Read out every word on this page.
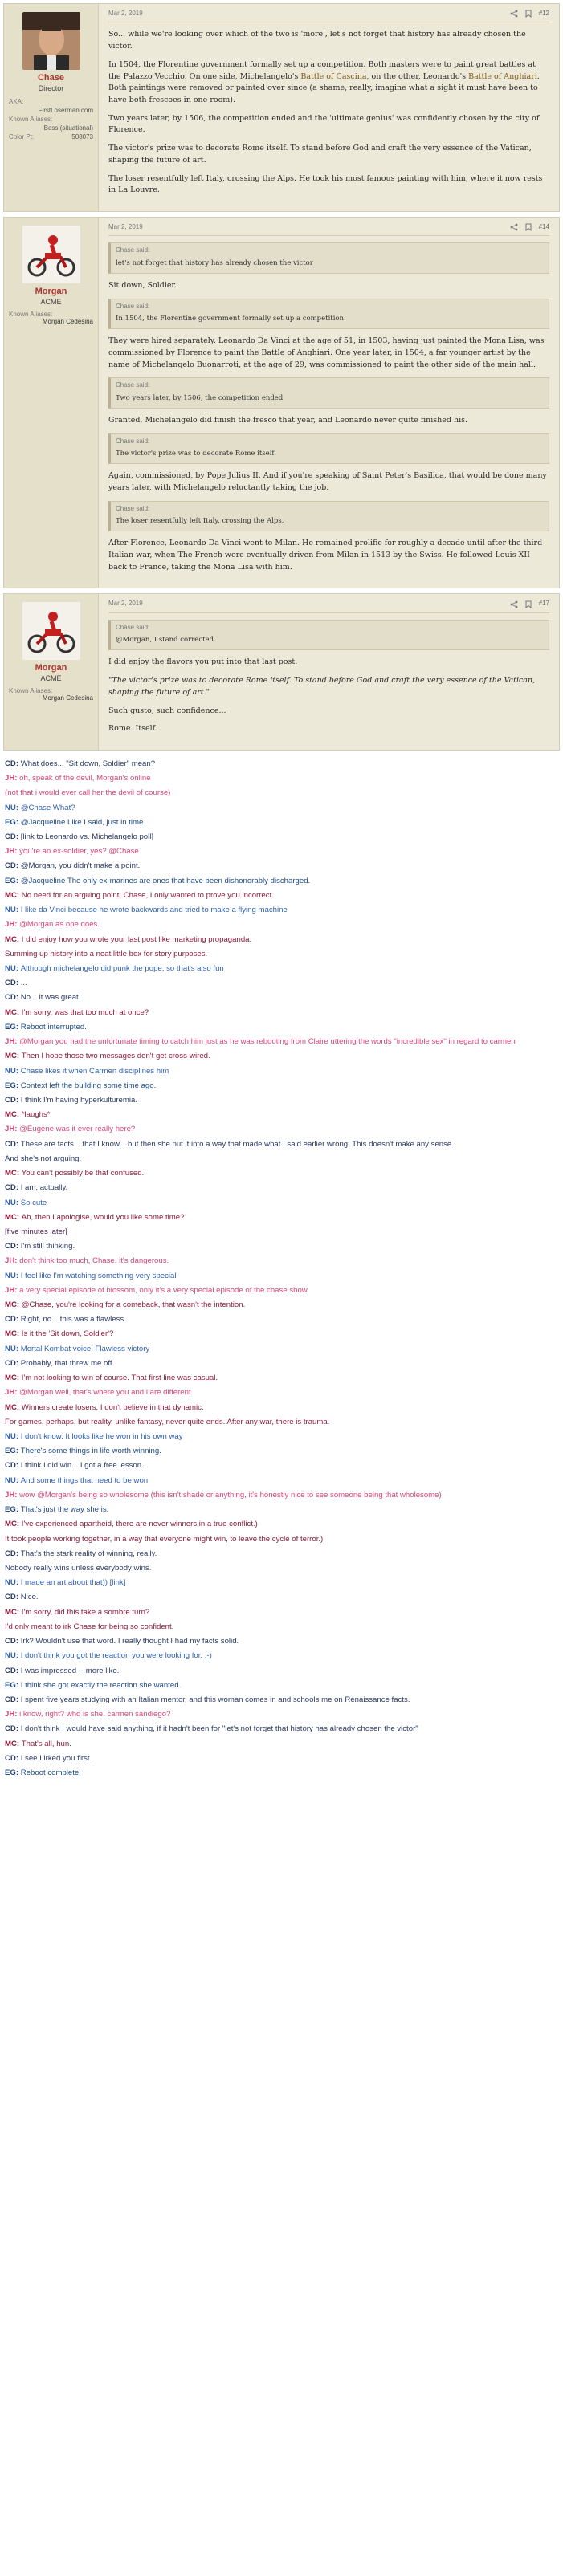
Chase
Director
AKA:
FirstLoserman.com
Known Aliases:
Boss (situational)
Color Pt:	508073
Mar 2, 2019	#12

So... while we're looking over which of the two is 'more', let's not forget that history has already chosen the victor.

In 1504, the Florentine government formally set up a competition. Both masters were to paint great battles at the Palazzo Vecchio. On one side, Michelangelo's Battle of Cascina, on the other, Leonardo's Battle of Anghiari. Both paintings were removed or painted over since (a shame, really, imagine what a sight it must have been to have both frescoes in one room).

Two years later, by 1506, the competition ended and the 'ultimate genius' was confidently chosen by the city of Florence.

The victor's prize was to decorate Rome itself. To stand before God and craft the very essence of the Vatican, shaping the future of art.

The loser resentfully left Italy, crossing the Alps. He took his most famous painting with him, where it now rests in La Louvre.

Morgan
ACME
Known Aliases:
Morgan Cedesina
Mar 2, 2019	#14
Chase said:
let's not forget that history has already chosen the victor

Sit down, Soldier.

Chase said:
In 1504, the Florentine government formally set up a competition.

They were hired separately. Leonardo Da Vinci at the age of 51, in 1503, having just painted the Mona Lisa, was commissioned by Florence to paint the Battle of Anghiari. One year later, in 1504, a far younger artist by the name of Michelangelo Buonarroti, at the age of 29, was commissioned to paint the other side of the main hall.

Chase said:
Two years later, by 1506, the competition ended

Granted, Michelangelo did finish the fresco that year, and Leonardo never quite finished his.

Chase said:
The victor's prize was to decorate Rome itself.

Again, commissioned, by Pope Julius II. And if you're speaking of Saint Peter's Basilica, that would be done many years later, with Michelangelo reluctantly taking the job.

Chase said:
The loser resentfully left Italy, crossing the Alps.

After Florence, Leonardo Da Vinci went to Milan. He remained prolific for roughly a decade until after the third Italian war, when The French were eventually driven from Milan in 1513 by the Swiss. He followed Louis XII back to France, taking the Mona Lisa with him.

Morgan
ACME
Known Aliases:
Morgan Cedesina
Mar 2, 2019	#17
Chase said:
@Morgan, I stand corrected.

I did enjoy the flavors you put into that last post.

"The victor's prize was to decorate Rome itself. To stand before God and craft the very essence of the Vatican, shaping the future of art."

Such gusto, such confidence...

Rome. Itself.

CD: What does... "Sit down, Soldier" mean?
JH: oh, speak of the devil, Morgan's online
(not that i would ever call her the devil of course)
NU: @Chase What?
EG: @Jacqueline Like I said, just in time.
CD: [link to Leonardo vs. Michelangelo poll]
JH: you're an ex-soldier, yes? @Chase
CD: @Morgan, you didn't make a point.
EG: @Jacqueline The only ex-marines are ones that have been dishonorably discharged.
MC: No need for an arguing point, Chase, I only wanted to prove you incorrect.
NU: I like da Vinci because he wrote backwards and tried to make a flying machine
JH: @Morgan as one does.
MC: I did enjoy how you wrote your last post like marketing propaganda.
Summing up history into a neat little box for story purposes.
NU: Although michelangelo did punk the pope, so that's also fun
CD: ...
CD: No... it was great.
MC: I'm sorry, was that too much at once?
EG: Reboot interrupted.
JH: @Morgan you had the unfortunate timing to catch him just as he was rebooting from Claire uttering the words "incredible sex" in regard to carmen
MC: Then I hope those two messages don't get cross-wired.
NU: Chase likes it when Carmen disciplines him
EG: Context left the building some time ago.
CD: I think I'm having hyperkulturemia.
MC: *laughs*
JH: @Eugene was it ever really here?
CD: These are facts... that I know... but then she put it into a way that made what I said earlier wrong. This doesn't make any sense.
And she's not arguing.
MC: You can't possibly be that confused.
CD: I am, actually.
NU: So cute
MC: Ah, then I apologise, would you like some time?
[five minutes later]
CD: I'm still thinking.
JH: don't think too much, Chase. it's dangerous.
NU: I feel like I'm watching something very special
JH: a very special episode of blossom, only it's a very special episode of the chase show
MC: @Chase, you're looking for a comeback, that wasn't the intention.
CD: Right, no... this was a flawless.
MC: Is it the 'Sit down, Soldier'?
NU: Mortal Kombat voice: Flawless victory
CD: Probably, that threw me off.
MC: I'm not looking to win of course. That first line was casual.
JH: @Morgan well, that's where you and i are different.
MC: Winners create losers, I don't believe in that dynamic.
For games, perhaps, but reality, unlike fantasy, never quite ends. After any war, there is trauma.
NU: I don't know. It looks like he won in his own way
EG: There's some things in life worth winning.
CD: I think I did win... I got a free lesson.
NU: And some things that need to be won
JH: wow @Morgan's being so wholesome (this isn't shade or anything, it's honestly nice to see someone being that wholesome)
EG: That's just the way she is.
MC: I've experienced apartheid, there are never winners in a true conflict.)
It took people working together, in a way that everyone might win, to leave the cycle of terror.)
CD: That's the stark reality of winning, really.
Nobody really wins unless everybody wins.
NU: I made an art about that)) [link]
CD: Nice.
MC: I'm sorry, did this take a sombre turn?
I'd only meant to irk Chase for being so confident.
CD: Irk? Wouldn't use that word. I really thought I had my facts solid.
NU: I don't think you got the reaction you were looking for. ;-)
CD: I was impressed -- more like.
EG: I think she got exactly the reaction she wanted.
CD: I spent five years studying with an Italian mentor, and this woman comes in and schools me on Renaissance facts.
JH: i know, right? who is she, carmen sandiego?
CD: I don't think I would have said anything, if it hadn't been for "let's not forget that history has already chosen the victor"
MC: That's all, hun.
CD: I see I irked you first.
EG: Reboot complete.
